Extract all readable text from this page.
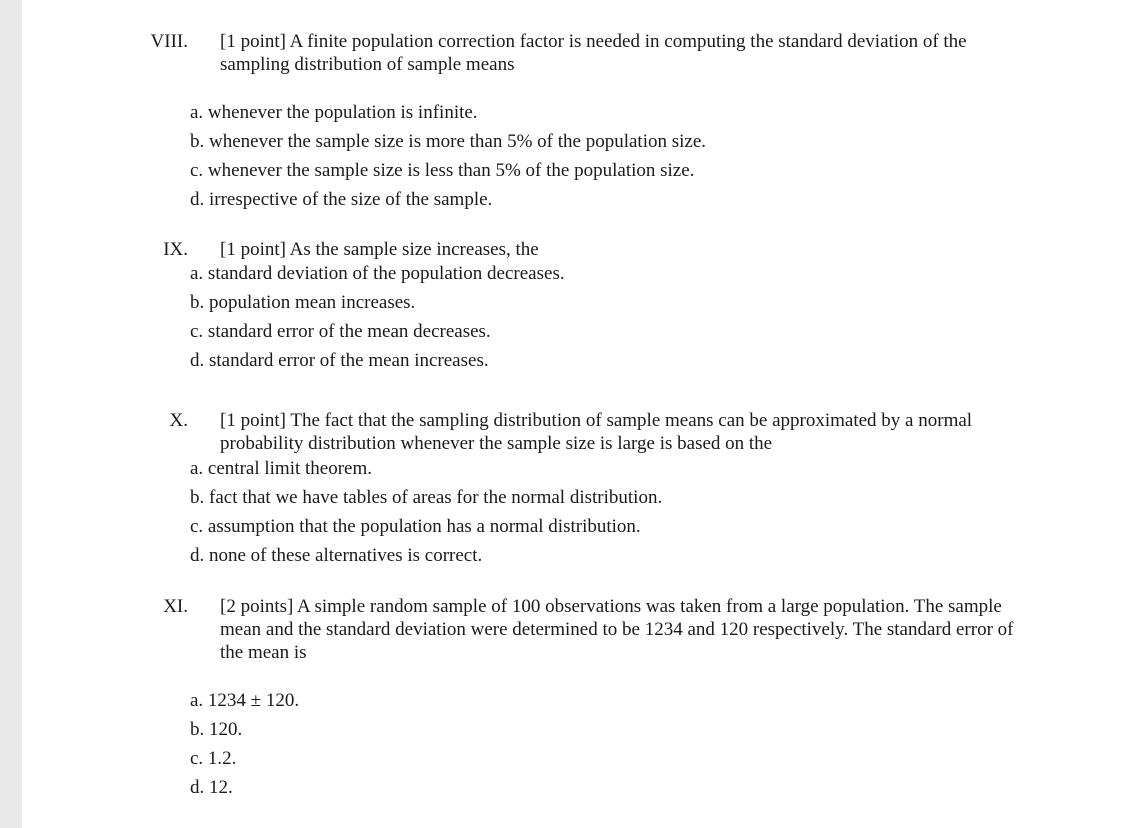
VIII. [1 point] A finite population correction factor is needed in computing the standard deviation of the sampling distribution of sample means
a. whenever the population is infinite.
b. whenever the sample size is more than 5% of the population size.
c. whenever the sample size is less than 5% of the population size.
d. irrespective of the size of the sample.
IX. [1 point] As the sample size increases, the
a. standard deviation of the population decreases.
b. population mean increases.
c. standard error of the mean decreases.
d. standard error of the mean increases.
X. [1 point] The fact that the sampling distribution of sample means can be approximated by a normal probability distribution whenever the sample size is large is based on the
a. central limit theorem.
b. fact that we have tables of areas for the normal distribution.
c. assumption that the population has a normal distribution.
d. none of these alternatives is correct.
XI. [2 points] A simple random sample of 100 observations was taken from a large population. The sample mean and the standard deviation were determined to be 1234 and 120 respectively. The standard error of the mean is
a. 1234 ± 120.
b. 120.
c. 1.2.
d. 12.
